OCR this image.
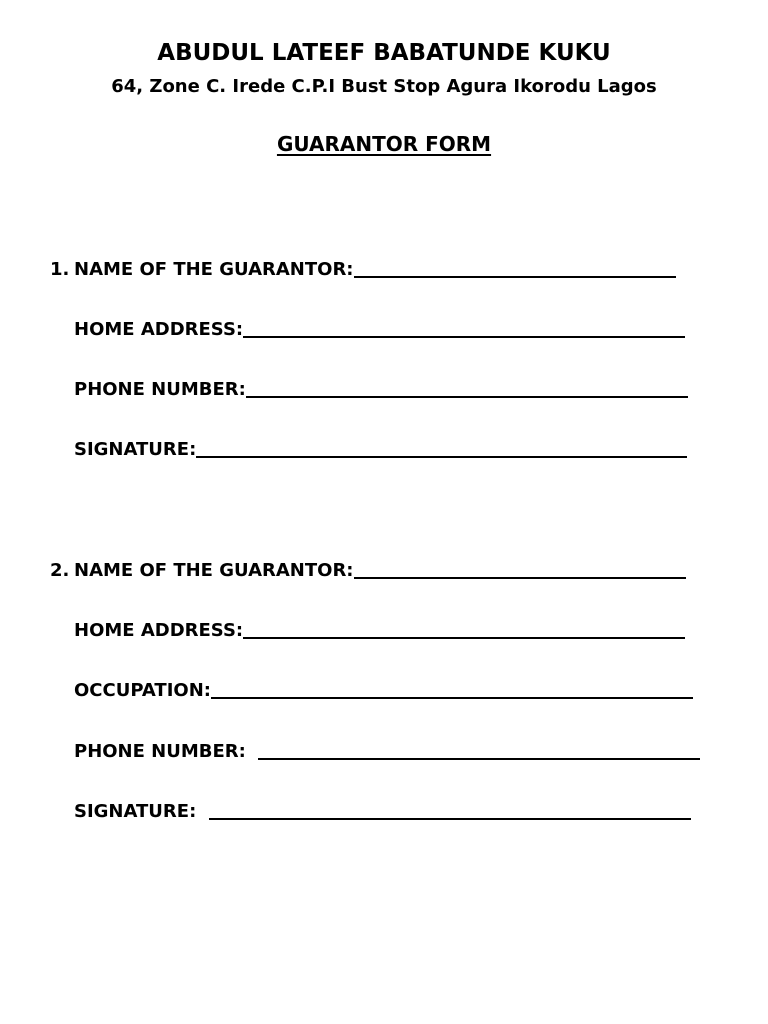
ABUDUL LATEEF BABATUNDE KUKU
64, Zone C. Irede C.P.I Bust Stop Agura Ikorodu Lagos
GUARANTOR FORM
1. NAME OF THE GUARANTOR:
HOME ADDRESS:
PHONE NUMBER:
SIGNATURE:
2. NAME OF THE GUARANTOR:
HOME ADDRESS:
OCCUPATION:
PHONE NUMBER:
SIGNATURE:
